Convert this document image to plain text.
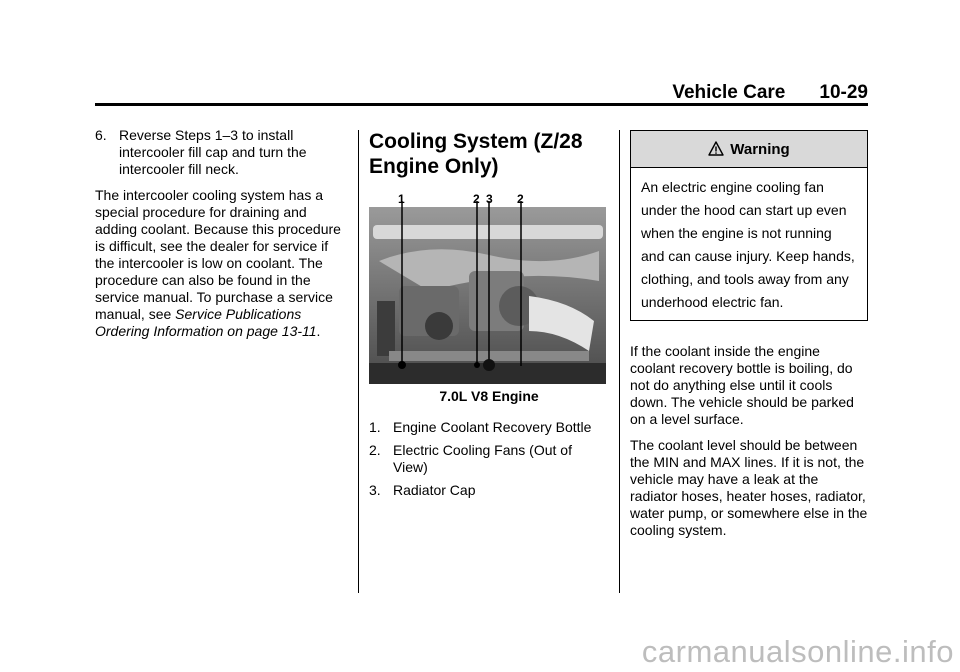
Vehicle Care 10-29

6. Reverse Steps 1–3 to install intercooler fill cap and turn the intercooler fill neck.

The intercooler cooling system has a special procedure for draining and adding coolant. Because this procedure is difficult, see the dealer for service if the intercooler is low on coolant. The procedure can also be found in the service manual. To purchase a service manual, see Service Publications Ordering Information on page 13-11.

Cooling System (Z/28 Engine Only)
1	2 3 2
7.0L V8 Engine
1. Engine Coolant Recovery Bottle
2. Electric Cooling Fans (Out of View)
3. Radiator Cap
Warning
An electric engine cooling fan under the hood can start up even when the engine is not running and can cause injury. Keep hands, clothing, and tools away from any underhood electric fan.

If the coolant inside the engine coolant recovery bottle is boiling, do not do anything else until it cools down. The vehicle should be parked on a level surface.

The coolant level should be between the MIN and MAX lines. If it is not, the vehicle may have a leak at the radiator hoses, heater hoses, radiator, water pump, or somewhere else in the cooling system.

carmanualsonline.info
